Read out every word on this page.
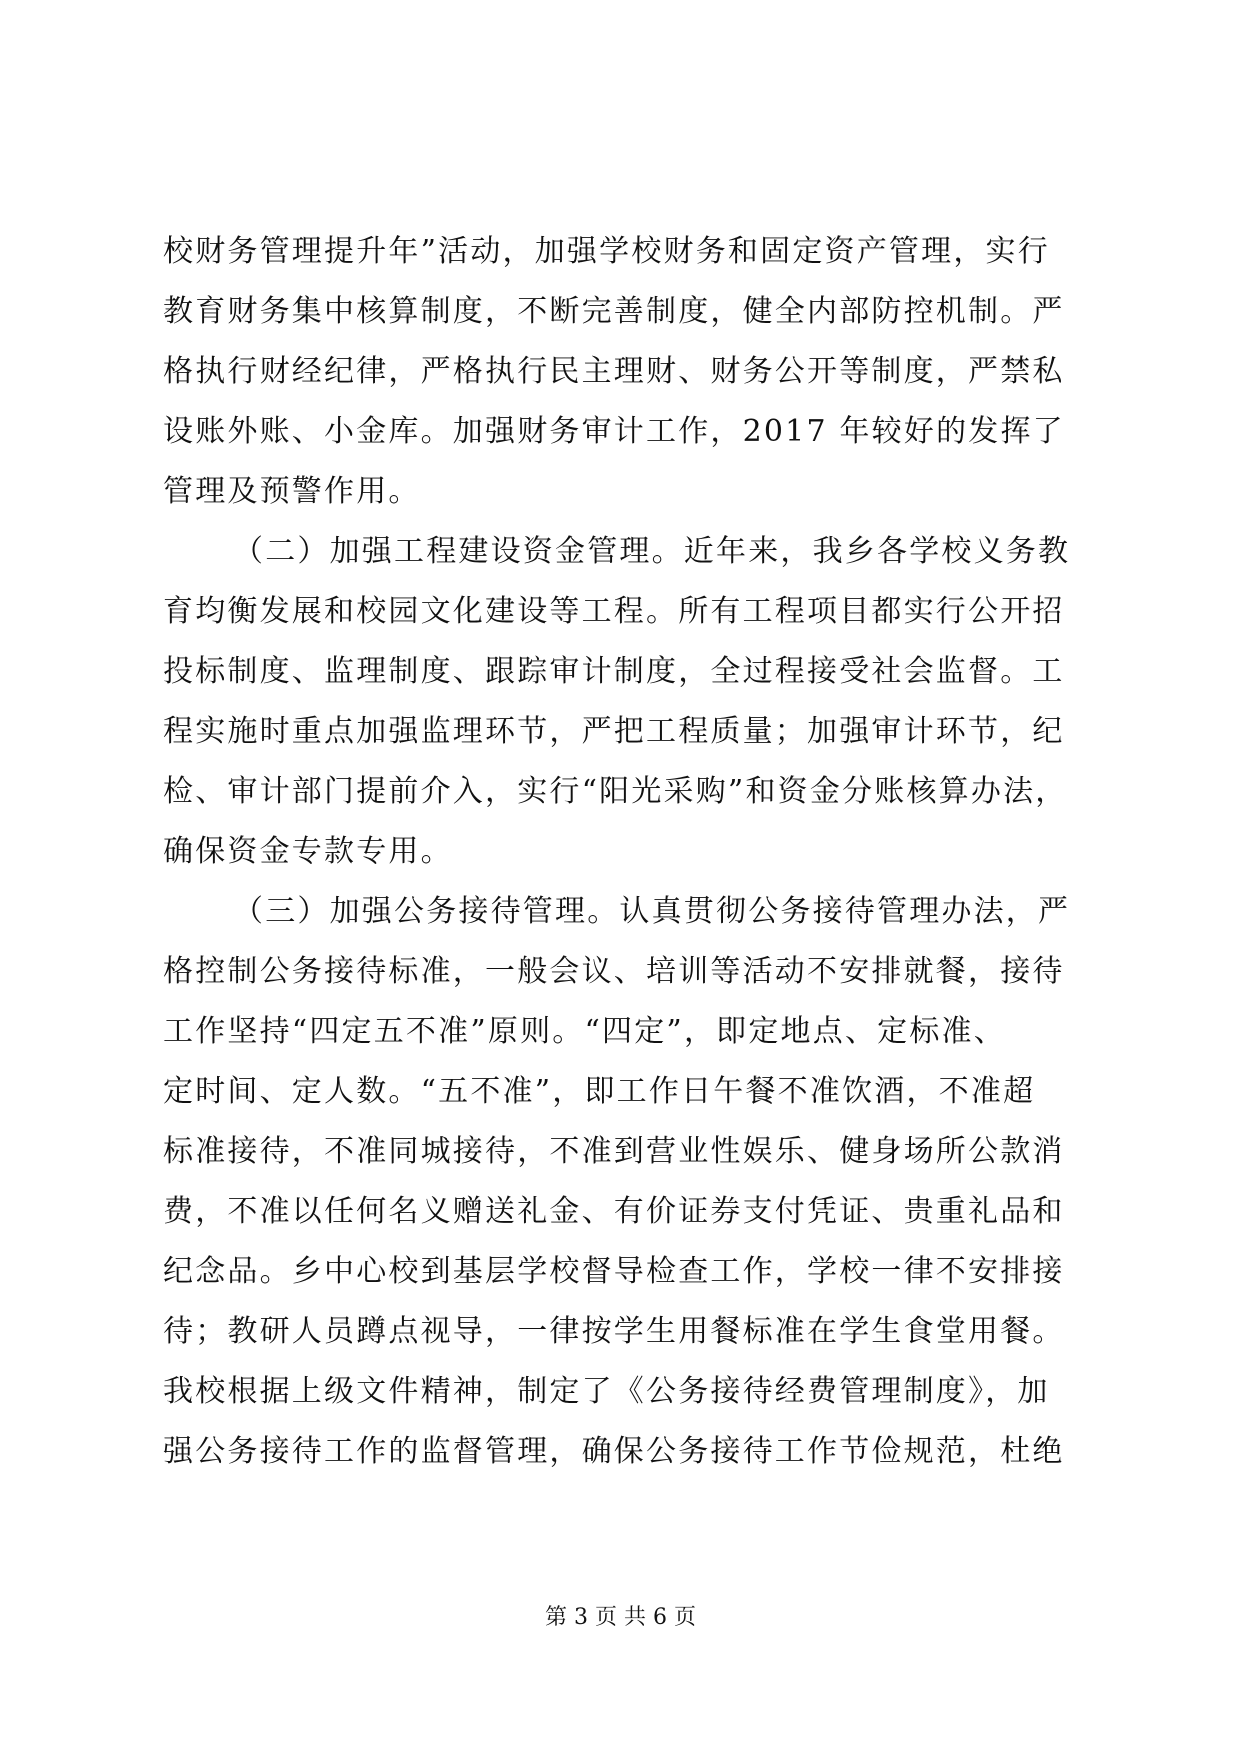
校财务管理提升年”活动，加强学校财务和固定资产管理，实行
教育财务集中核算制度，不断完善制度，健全内部防控机制。严
格执行财经纪律，严格执行民主理财、财务公开等制度，严禁私
设账外账、小金库。加强财务审计工作，2017 年较好的发挥了
管理及预警作用。
（二）加强工程建设资金管理。近年来，我乡各学校义务教
育均衡发展和校园文化建设等工程。所有工程项目都实行公开招
投标制度、监理制度、跟踪审计制度，全过程接受社会监督。工
程实施时重点加强监理环节，严把工程质量；加强审计环节，纪
检、审计部门提前介入，实行“阳光采购”和资金分账核算办法，
确保资金专款专用。
（三）加强公务接待管理。认真贯彻公务接待管理办法，严
格控制公务接待标准，一般会议、培训等活动不安排就餐，接待
工作坚持“四定五不准”原则。“四定”，即定地点、定标准、
定时间、定人数。“五不准”，即工作日午餐不准饮酒，不准超
标准接待，不准同城接待，不准到营业性娱乐、健身场所公款消
费，不准以任何名义赠送礼金、有价证券支付凭证、贵重礼品和
纪念品。乡中心校到基层学校督导检查工作，学校一律不安排接
待；教研人员蹲点视导，一律按学生用餐标准在学生食堂用餐。
我校根据上级文件精神，制定了《公务接待经费管理制度》，加
强公务接待工作的监督管理，确保公务接待工作节俭规范，杜绝
第 3 页 共 6 页
